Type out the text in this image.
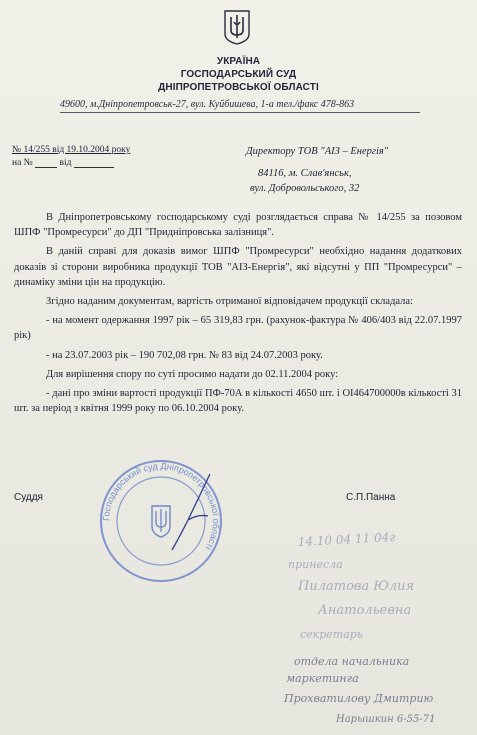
УКРАЇНА
ГОСПОДАРСЬКИЙ СУД
ДНІПРОПЕТРОВСЬКОЇ ОБЛАСТІ
49600, м.Дніпропетровськ-27, вул. Куйбишева, 1-а тел./факс 478-863
№ 14/255 від 19.10.2004 року
на №	від
Директору ТОВ "АІЗ – Енергія"
84116, м. Слав'янськ,
вул. Добровольського, 32

В Дніпропетровському господарському суді розглядається справа № 14/255 за позовом ШПФ "Промресурси" до ДП "Придніпровська залізниця".

В даній справі для доказів вимог ШПФ "Промресурси" необхідно надання додаткових доказів зі сторони виробника продукції ТОВ "АІЗ-Енергія", які відсутні у ПП "Промресурси" – динаміку зміни цін на продукцію.

Згідно наданим документам, вартість отриманої відповідачем продукції складала:

- на момент одержання 1997 рік – 65 319,83 грн. (рахунок-фактура № 406/403 від 22.07.1997 рік)

- на 23.07.2003 рік – 190 702,08 грн. № 83 від 24.07.2003 року.

Для вирішення спору по суті просимо надати до 02.11.2004 року:

- дані про зміни вартості продукції ПФ-70А в кількості 4650 шт. і ОІ464700000в кількості 31 шт. за період з квітня 1999 року по 06.10.2004 року.

Господарський суд Дніпропетровської області
Суддя	С.П.Панна
14.10 04 11 04г
принесла
Пилатова Юлия
Анатольевна
секретарь
отдела начальника
маркетинга
Прохватилову Дмитрию
Нарышкин 6-55-71
